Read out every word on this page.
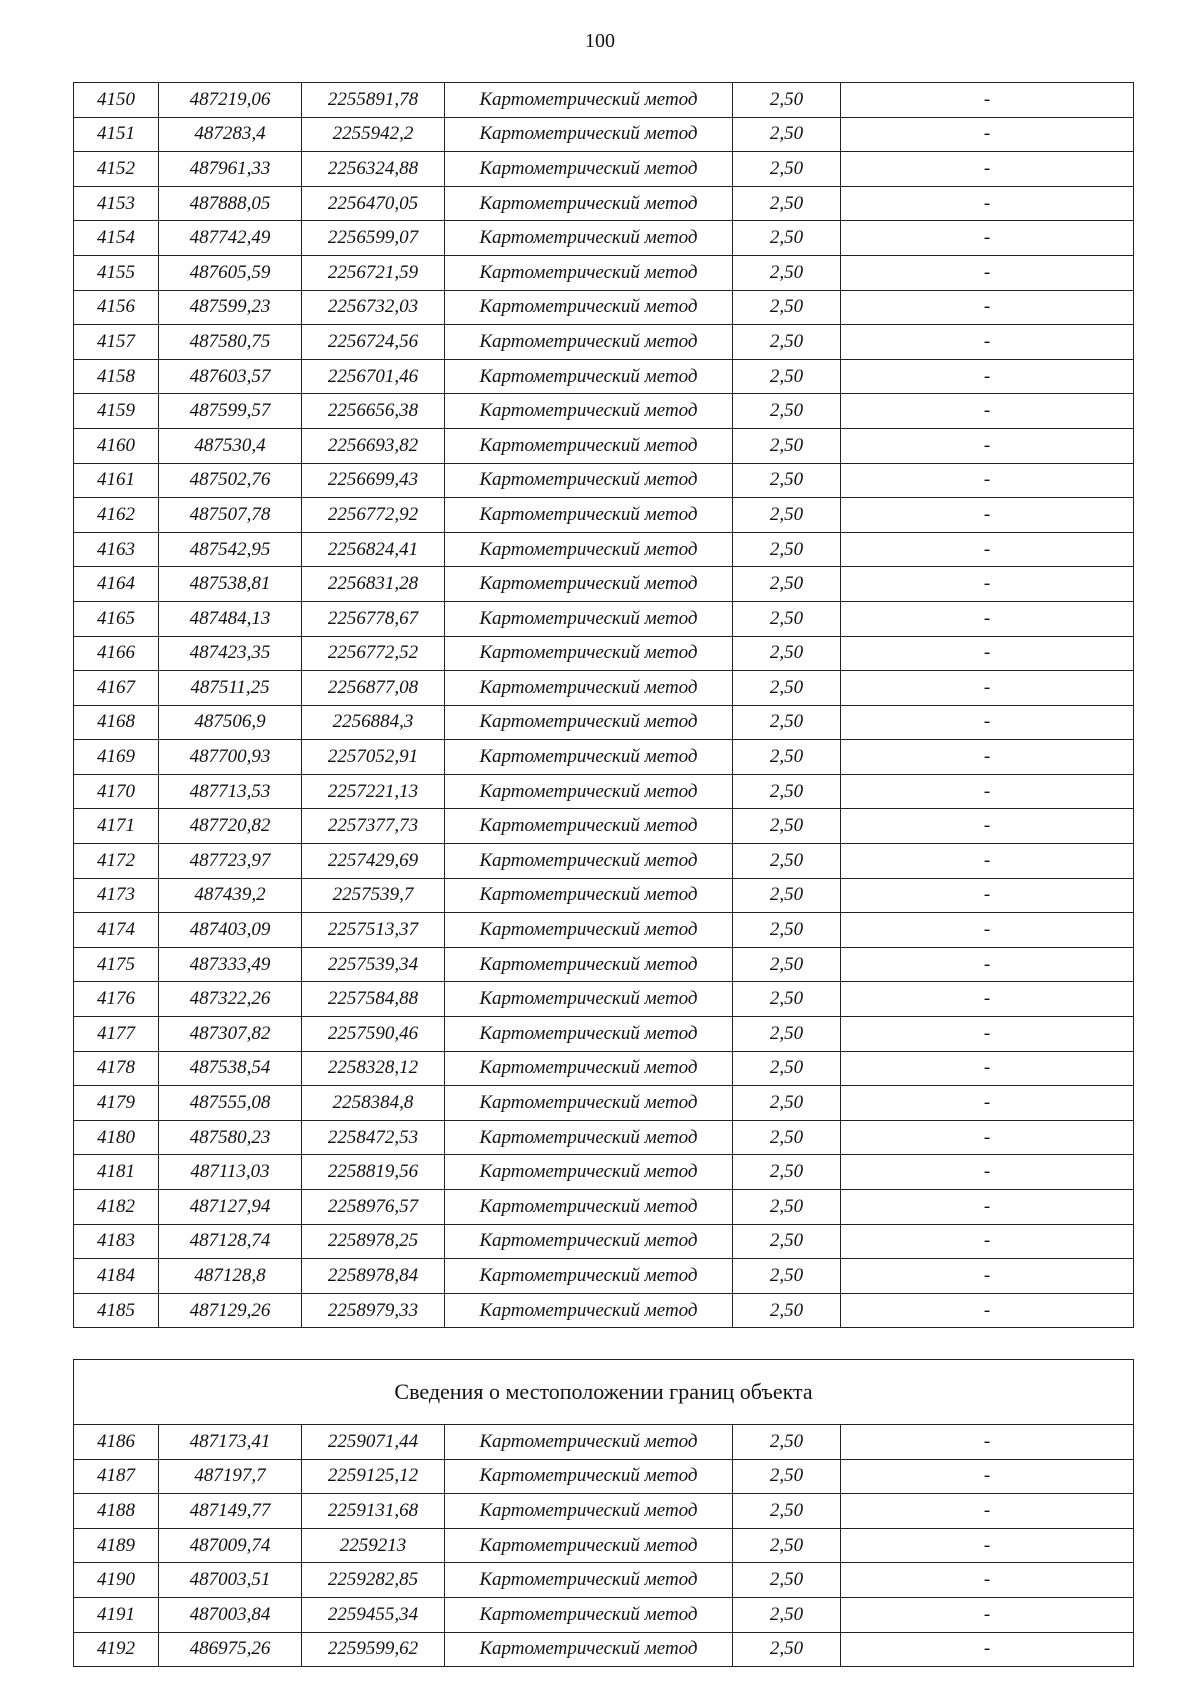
100
4150	487219,06	2255891,78	Картометрический метод	2,50	-
4151	487283,4	2255942,2	Картометрический метод	2,50	-
4152	487961,33	2256324,88	Картометрический метод	2,50	-
4153	487888,05	2256470,05	Картометрический метод	2,50	-
4154	487742,49	2256599,07	Картометрический метод	2,50	-
4155	487605,59	2256721,59	Картометрический метод	2,50	-
4156	487599,23	2256732,03	Картометрический метод	2,50	-
4157	487580,75	2256724,56	Картометрический метод	2,50	-
4158	487603,57	2256701,46	Картометрический метод	2,50	-
4159	487599,57	2256656,38	Картометрический метод	2,50	-
4160	487530,4	2256693,82	Картометрический метод	2,50	-
4161	487502,76	2256699,43	Картометрический метод	2,50	-
4162	487507,78	2256772,92	Картометрический метод	2,50	-
4163	487542,95	2256824,41	Картометрический метод	2,50	-
4164	487538,81	2256831,28	Картометрический метод	2,50	-
4165	487484,13	2256778,67	Картометрический метод	2,50	-
4166	487423,35	2256772,52	Картометрический метод	2,50	-
4167	487511,25	2256877,08	Картометрический метод	2,50	-
4168	487506,9	2256884,3	Картометрический метод	2,50	-
4169	487700,93	2257052,91	Картометрический метод	2,50	-
4170	487713,53	2257221,13	Картометрический метод	2,50	-
4171	487720,82	2257377,73	Картометрический метод	2,50	-
4172	487723,97	2257429,69	Картометрический метод	2,50	-
4173	487439,2	2257539,7	Картометрический метод	2,50	-
4174	487403,09	2257513,37	Картометрический метод	2,50	-
4175	487333,49	2257539,34	Картометрический метод	2,50	-
4176	487322,26	2257584,88	Картометрический метод	2,50	-
4177	487307,82	2257590,46	Картометрический метод	2,50	-
4178	487538,54	2258328,12	Картометрический метод	2,50	-
4179	487555,08	2258384,8	Картометрический метод	2,50	-
4180	487580,23	2258472,53	Картометрический метод	2,50	-
4181	487113,03	2258819,56	Картометрический метод	2,50	-
4182	487127,94	2258976,57	Картометрический метод	2,50	-
4183	487128,74	2258978,25	Картометрический метод	2,50	-
4184	487128,8	2258978,84	Картометрический метод	2,50	-
4185	487129,26	2258979,33	Картометрический метод	2,50	-
Сведения о местоположении границ объекта					
4186	487173,41	2259071,44	Картометрический метод	2,50	-
4187	487197,7	2259125,12	Картометрический метод	2,50	-
4188	487149,77	2259131,68	Картометрический метод	2,50	-
4189	487009,74	2259213	Картометрический метод	2,50	-
4190	487003,51	2259282,85	Картометрический метод	2,50	-
4191	487003,84	2259455,34	Картометрический метод	2,50	-
4192	486975,26	2259599,62	Картометрический метод	2,50	-
